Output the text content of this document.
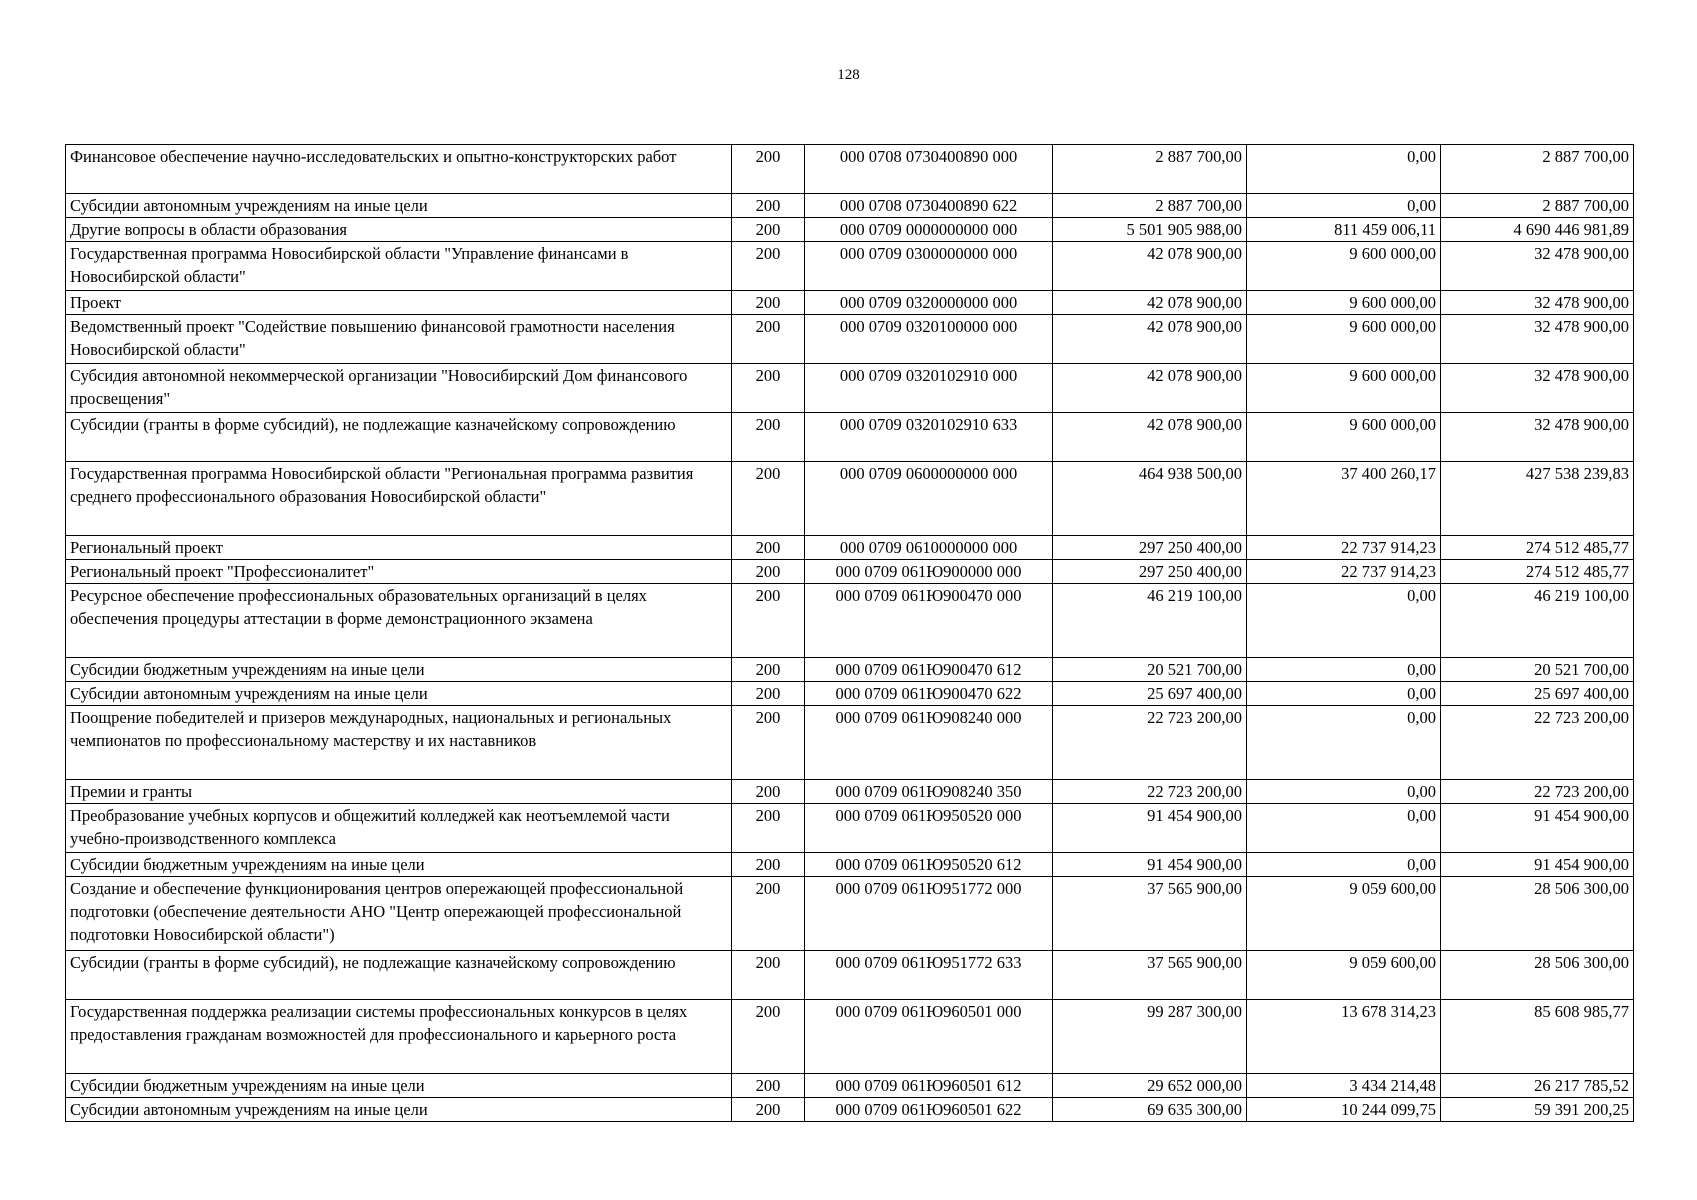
128
Финансовое обеспечение научно-исследовательских и опытно-конструкторских работ	200	000 0708 0730400890 000	2 887 700,00	0,00	2 887 700,00
Субсидии автономным учреждениям на иные цели	200	000 0708 0730400890 622	2 887 700,00	0,00	2 887 700,00
Другие вопросы в области образования	200	000 0709 0000000000 000	5 501 905 988,00	811 459 006,11	4 690 446 981,89
Государственная программа Новосибирской области "Управление финансами в Новосибирской области"	200	000 0709 0300000000 000	42 078 900,00	9 600 000,00	32 478 900,00
Проект	200	000 0709 0320000000 000	42 078 900,00	9 600 000,00	32 478 900,00
Ведомственный проект "Содействие повышению финансовой грамотности населения Новосибирской области"	200	000 0709 0320100000 000	42 078 900,00	9 600 000,00	32 478 900,00
Субсидия автономной некоммерческой организации "Новосибирский Дом финансового просвещения"	200	000 0709 0320102910 000	42 078 900,00	9 600 000,00	32 478 900,00
Субсидии (гранты в форме субсидий), не подлежащие казначейскому сопровождению	200	000 0709 0320102910 633	42 078 900,00	9 600 000,00	32 478 900,00
Государственная программа Новосибирской области "Региональная программа развития среднего профессионального образования Новосибирской области"	200	000 0709 0600000000 000	464 938 500,00	37 400 260,17	427 538 239,83
Региональный проект	200	000 0709 0610000000 000	297 250 400,00	22 737 914,23	274 512 485,77
Региональный проект "Профессионалитет"	200	000 0709 061Ю900000 000	297 250 400,00	22 737 914,23	274 512 485,77
Ресурсное обеспечение профессиональных образовательных организаций в целях обеспечения процедуры аттестации в форме демонстрационного экзамена	200	000 0709 061Ю900470 000	46 219 100,00	0,00	46 219 100,00
Субсидии бюджетным учреждениям на иные цели	200	000 0709 061Ю900470 612	20 521 700,00	0,00	20 521 700,00
Субсидии автономным учреждениям на иные цели	200	000 0709 061Ю900470 622	25 697 400,00	0,00	25 697 400,00
Поощрение победителей и призеров международных, национальных и региональных чемпионатов по профессиональному мастерству и их наставников	200	000 0709 061Ю908240 000	22 723 200,00	0,00	22 723 200,00
Премии и гранты	200	000 0709 061Ю908240 350	22 723 200,00	0,00	22 723 200,00
Преобразование учебных корпусов и общежитий колледжей как неотъемлемой части учебно-производственного комплекса	200	000 0709 061Ю950520 000	91 454 900,00	0,00	91 454 900,00
Субсидии бюджетным учреждениям на иные цели	200	000 0709 061Ю950520 612	91 454 900,00	0,00	91 454 900,00
Создание и обеспечение функционирования центров опережающей профессиональной подготовки (обеспечение деятельности АНО "Центр опережающей профессиональной подготовки Новосибирской области")	200	000 0709 061Ю951772 000	37 565 900,00	9 059 600,00	28 506 300,00
Субсидии (гранты в форме субсидий), не подлежащие казначейскому сопровождению	200	000 0709 061Ю951772 633	37 565 900,00	9 059 600,00	28 506 300,00
Государственная поддержка реализации системы профессиональных конкурсов в целях предоставления гражданам возможностей для профессионального и карьерного роста	200	000 0709 061Ю960501 000	99 287 300,00	13 678 314,23	85 608 985,77
Субсидии бюджетным учреждениям на иные цели	200	000 0709 061Ю960501 612	29 652 000,00	3 434 214,48	26 217 785,52
Субсидии автономным учреждениям на иные цели	200	000 0709 061Ю960501 622	69 635 300,00	10 244 099,75	59 391 200,25
